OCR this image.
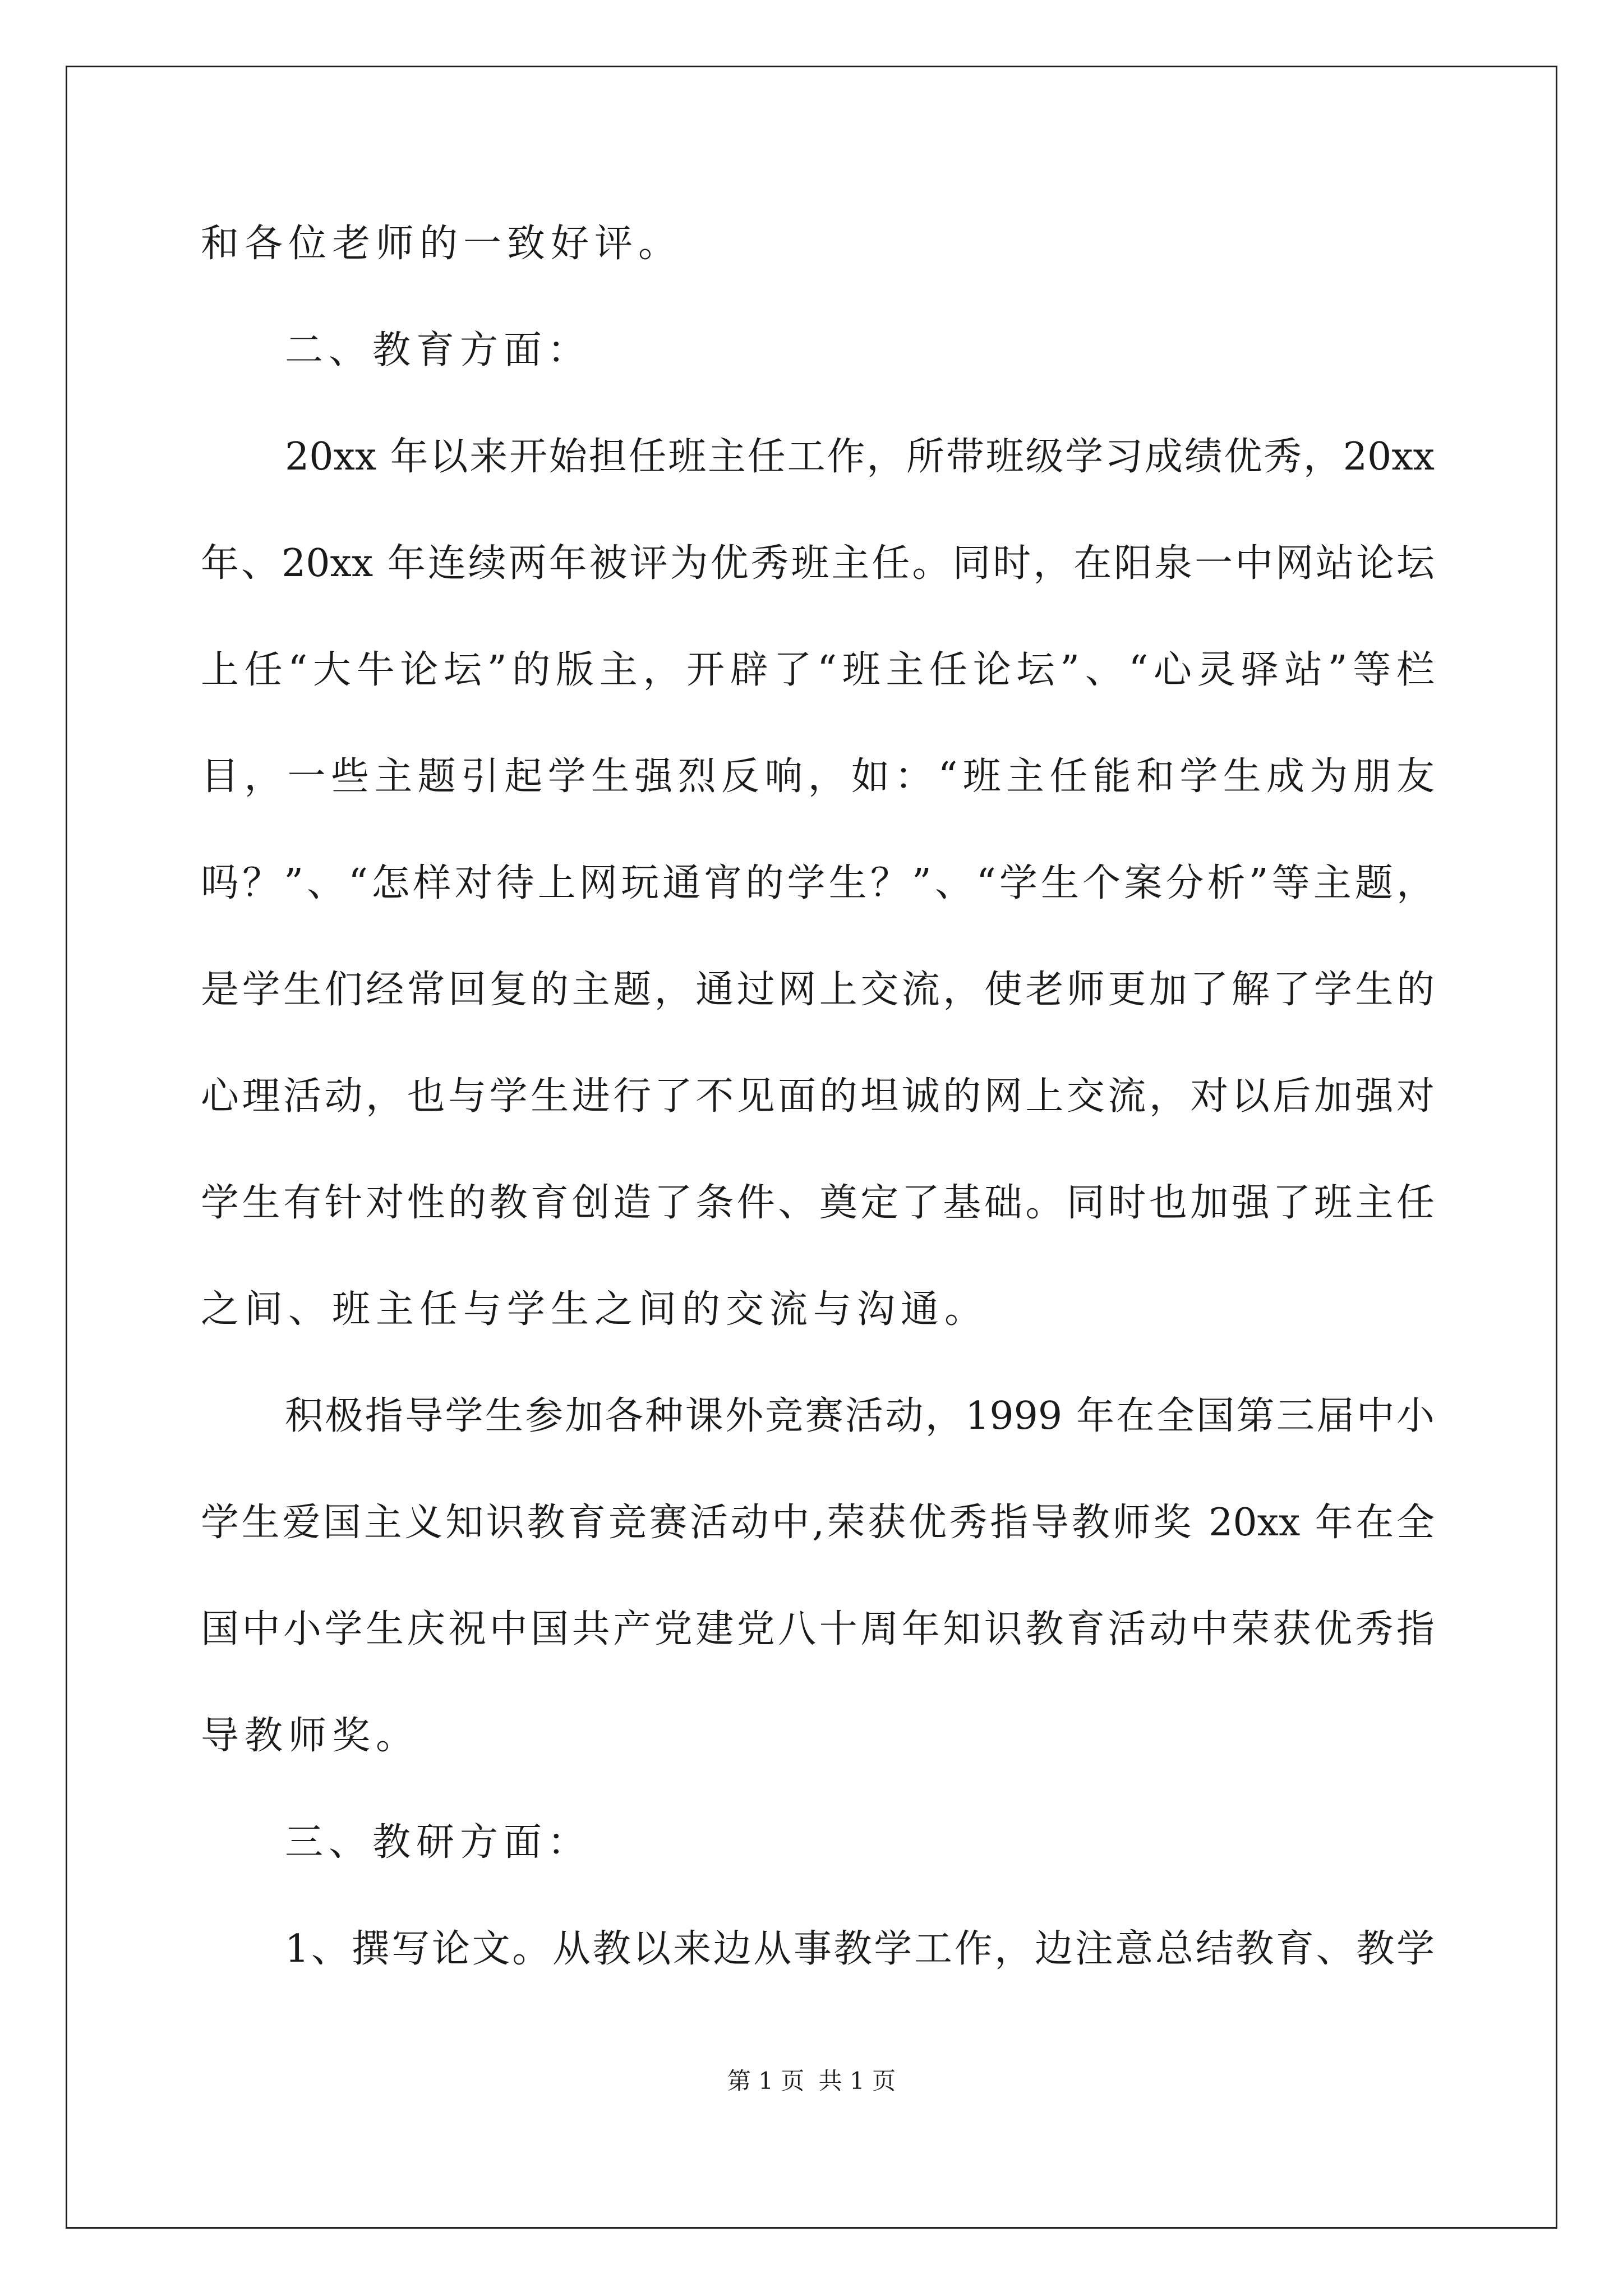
和各位老师的一致好评。
二、教育方面：
20xx 年以来开始担任班主任工作，所带班级学习成绩优秀，20xx
年、20xx 年连续两年被评为优秀班主任。同时，在阳泉一中网站论坛
上任“大牛论坛”的版主，开辟了“班主任论坛”、“心灵驿站”等栏
目，一些主题引起学生强烈反响，如：“班主任能和学生成为朋友
吗？”、“怎样对待上网玩通宵的学生？”、“学生个案分析”等主题，
是学生们经常回复的主题，通过网上交流，使老师更加了解了学生的
心理活动，也与学生进行了不见面的坦诚的网上交流，对以后加强对
学生有针对性的教育创造了条件、奠定了基础。同时也加强了班主任
之间、班主任与学生之间的交流与沟通。
积极指导学生参加各种课外竞赛活动，1999 年在全国第三届中小
学生爱国主义知识教育竞赛活动中,荣获优秀指导教师奖 20xx 年在全
国中小学生庆祝中国共产党建党八十周年知识教育活动中荣获优秀指
导教师奖。
三、教研方面：
1、撰写论文。从教以来边从事教学工作，边注意总结教育、教学
第 1 页 共 1 页
